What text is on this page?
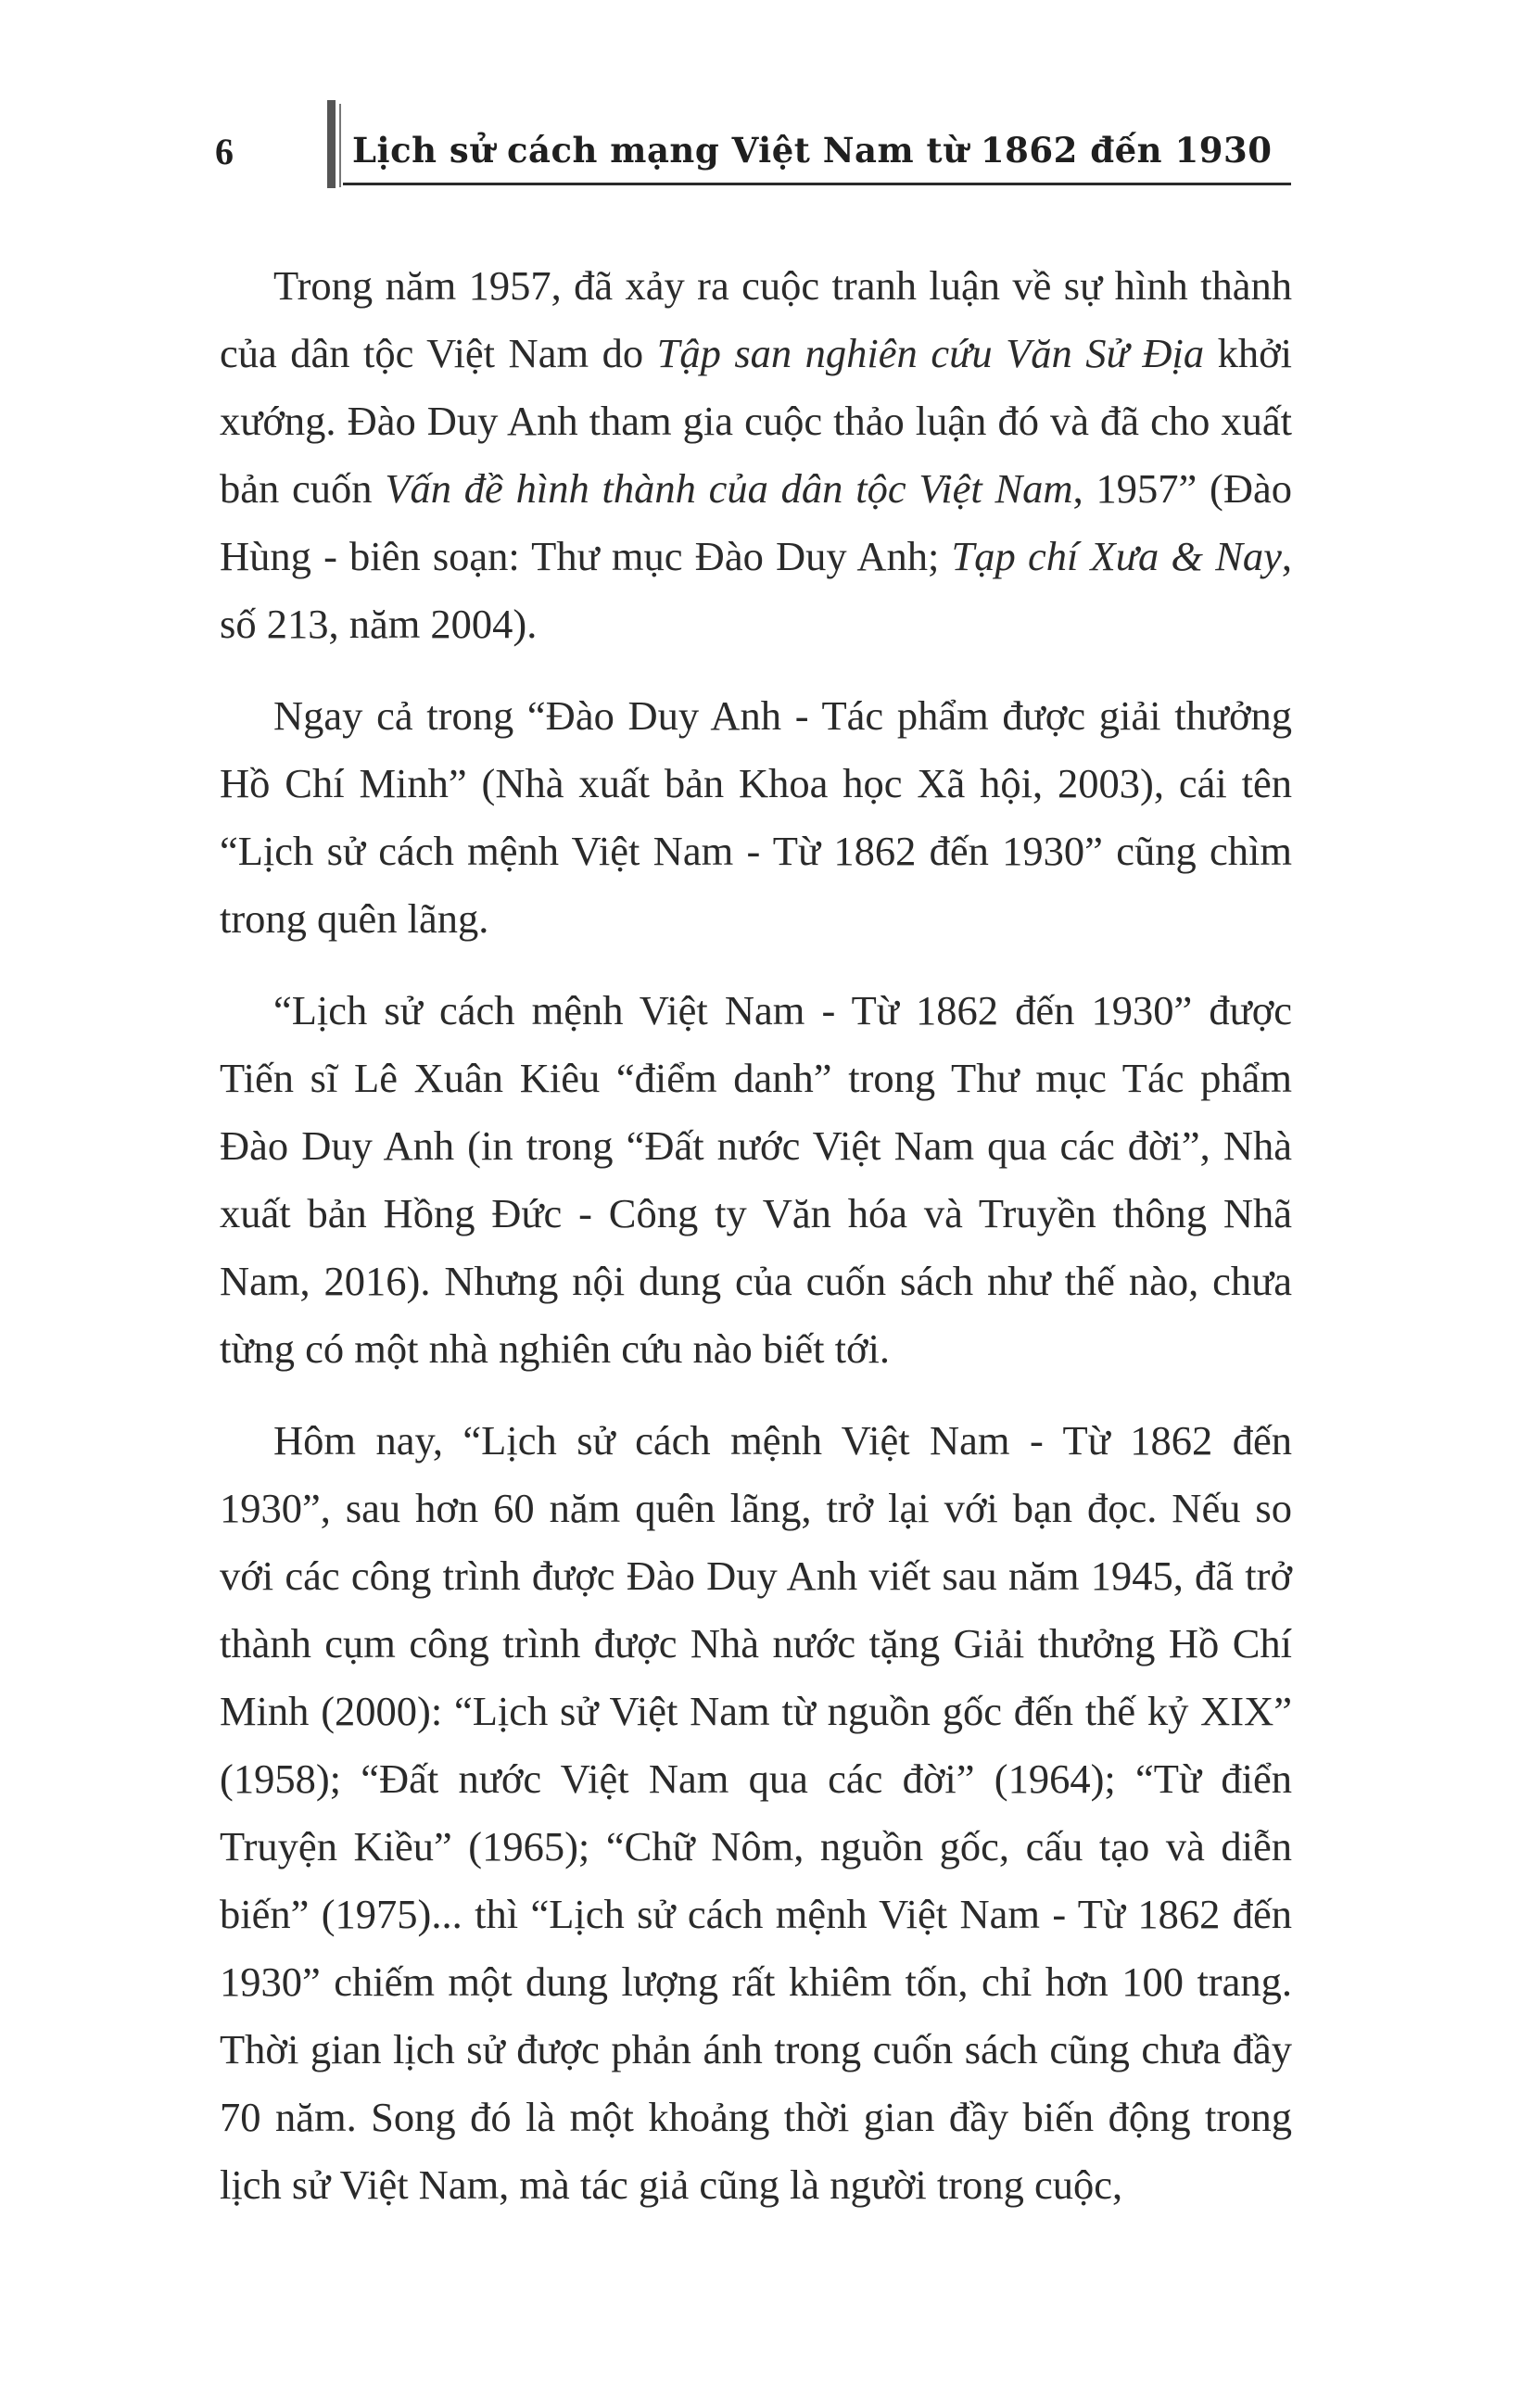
6	Lịch sử cách mạng Việt Nam từ 1862 đến 1930

Trong năm 1957, đã xảy ra cuộc tranh luận về sự hình thành của dân tộc Việt Nam do Tập san nghiên cứu Văn Sử Địa khởi xướng. Đào Duy Anh tham gia cuộc thảo luận đó và đã cho xuất bản cuốn Vấn đề hình thành của dân tộc Việt Nam, 1957” (Đào Hùng - biên soạn: Thư mục Đào Duy Anh; Tạp chí Xưa & Nay, số 213, năm 2004).

Ngay cả trong “Đào Duy Anh - Tác phẩm được giải thưởng Hồ Chí Minh” (Nhà xuất bản Khoa học Xã hội, 2003), cái tên “Lịch sử cách mệnh Việt Nam - Từ 1862 đến 1930” cũng chìm trong quên lãng.

“Lịch sử cách mệnh Việt Nam - Từ 1862 đến 1930” được Tiến sĩ Lê Xuân Kiêu “điểm danh” trong Thư mục Tác phẩm Đào Duy Anh (in trong “Đất nước Việt Nam qua các đời”, Nhà xuất bản Hồng Đức - Công ty Văn hóa và Truyền thông Nhã Nam, 2016). Nhưng nội dung của cuốn sách như thế nào, chưa từng có một nhà nghiên cứu nào biết tới.

Hôm nay, “Lịch sử cách mệnh Việt Nam - Từ 1862 đến 1930”, sau hơn 60 năm quên lãng, trở lại với bạn đọc. Nếu so với các công trình được Đào Duy Anh viết sau năm 1945, đã trở thành cụm công trình được Nhà nước tặng Giải thưởng Hồ Chí Minh (2000): “Lịch sử Việt Nam từ nguồn gốc đến thế kỷ XIX” (1958); “Đất nước Việt Nam qua các đời” (1964); “Từ điển Truyện Kiều” (1965); “Chữ Nôm, nguồn gốc, cấu tạo và diễn biến” (1975)... thì “Lịch sử cách mệnh Việt Nam - Từ 1862 đến 1930” chiếm một dung lượng rất khiêm tốn, chỉ hơn 100 trang. Thời gian lịch sử được phản ánh trong cuốn sách cũng chưa đầy 70 năm. Song đó là một khoảng thời gian đầy biến động trong lịch sử Việt Nam, mà tác giả cũng là người trong cuộc,
